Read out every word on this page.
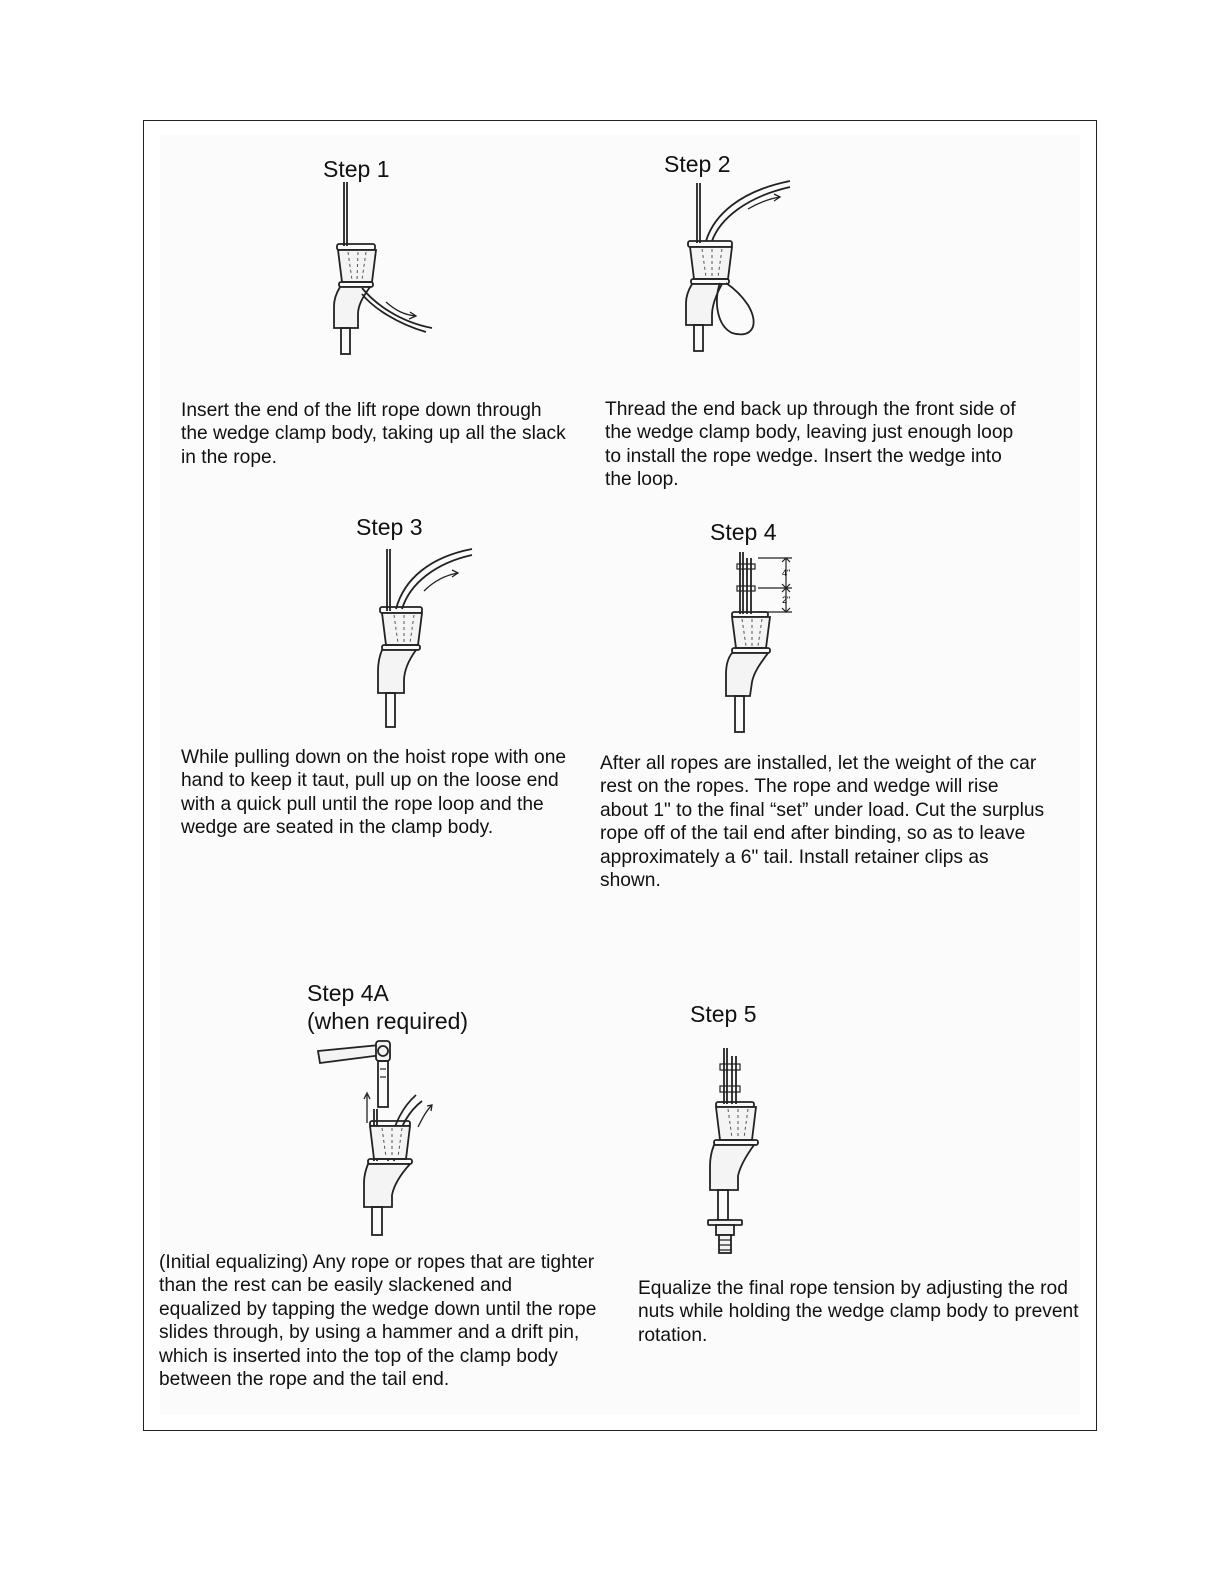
Step 1

Insert the end of the lift rope down through the wedge clamp body, taking up all the slack in the rope.

Step 2

Thread the end back up through the front side of the wedge clamp body, leaving just enough loop to install the rope wedge. Insert the wedge into the loop.

Step 3

While pulling down on the hoist rope with one hand to keep it taut, pull up on the loose end with a quick pull until the rope loop and the wedge are seated in the clamp body.

Step 4
4"
2"

After all ropes are installed, let the weight of the car rest on the ropes. The rope and wedge will rise about 1" to the final “set” under load. Cut the surplus rope off of the tail end after binding, so as to leave approximately a 6" tail. Install retainer clips as shown.

Step 4A
(when required)

(Initial equalizing) Any rope or ropes that are tighter than the rest can be easily slackened and equalized by tapping the wedge down until the rope slides through, by using a hammer and a drift pin, which is inserted into the top of the clamp body between the rope and the tail end.

Step 5

Equalize the final rope tension by adjusting the rod nuts while holding the wedge clamp body to prevent rotation.
